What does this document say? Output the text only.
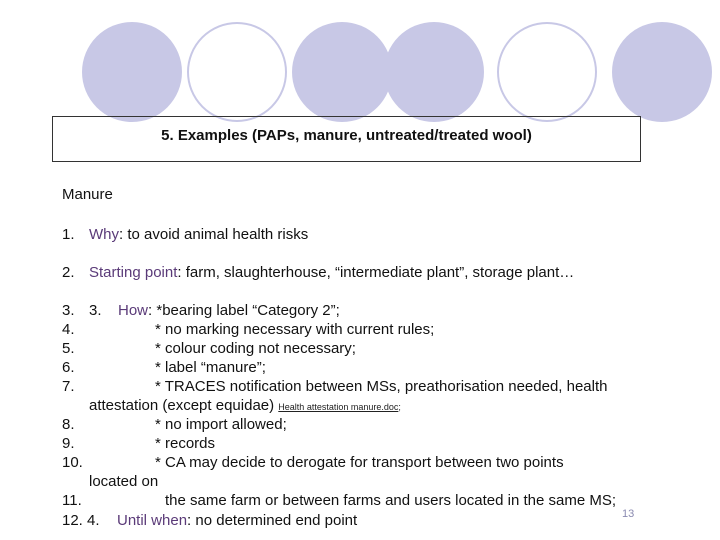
5. Examples (PAPs, manure, untreated/treated wool)
Manure
1. Why: to avoid animal health risks
2. Starting point: farm, slaughterhouse, “intermediate plant”, storage plant…
3. 3. How: *bearing label “Category 2”;
4.	* no marking necessary with current rules;
5.	* colour coding not necessary;
6.	* label “manure”;
7.	* TRACES notification between MSs, preathorisation needed, health
attestation (except equidae) Health attestation manure.doc;
8.	* no import allowed;
9.	* records
10.	* CA may decide to derogate for transport between two points
located on
11.	the same farm or between farms and users located in the same MS;
12. 4. Until when: no determined end point	13
